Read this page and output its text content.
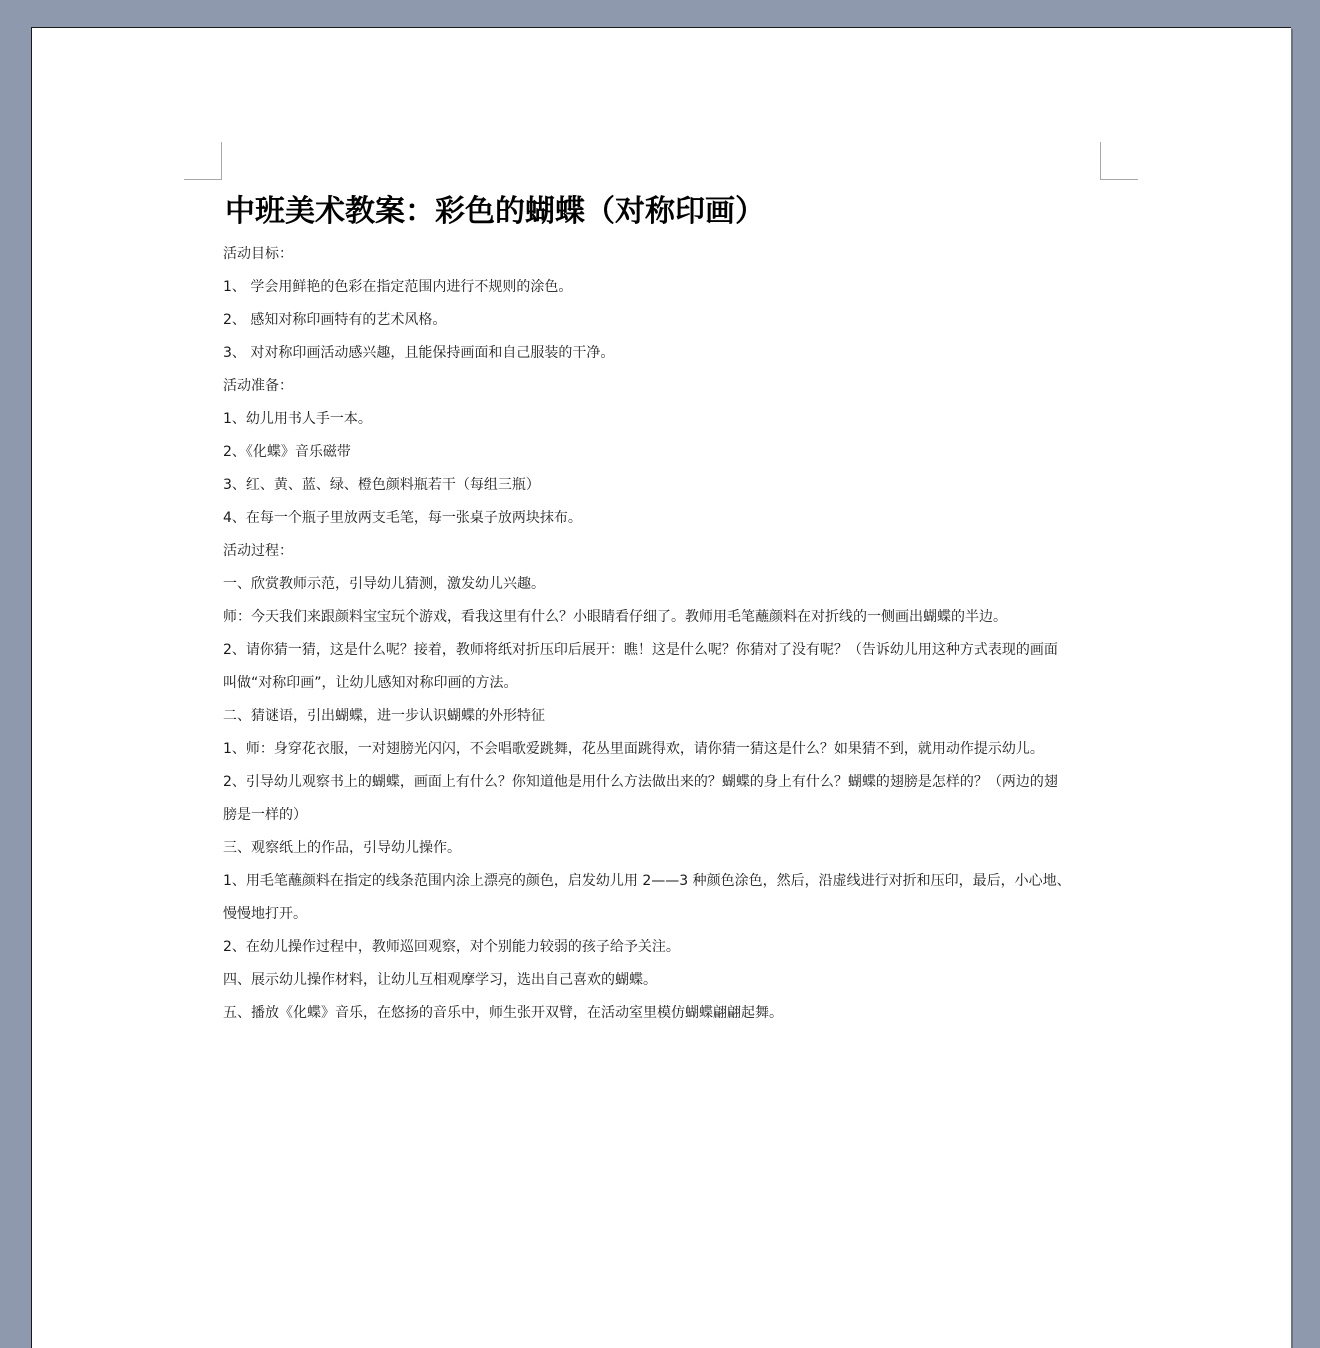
中班美术教案：彩色的蝴蝶（对称印画）
活动目标：
1、 学会用鲜艳的色彩在指定范围内进行不规则的涂色。
2、 感知对称印画特有的艺术风格。
3、 对对称印画活动感兴趣，且能保持画面和自己服装的干净。
活动准备：
1、幼儿用书人手一本。
2、《化蝶》音乐磁带
3、红、黄、蓝、绿、橙色颜料瓶若干（每组三瓶）
4、在每一个瓶子里放两支毛笔，每一张桌子放两块抹布。
活动过程：
一、欣赏教师示范，引导幼儿猜测，激发幼儿兴趣。
师：今天我们来跟颜料宝宝玩个游戏，看我这里有什么？小眼睛看仔细了。教师用毛笔蘸颜料在对折线的一侧画出蝴蝶的半边。
2、请你猜一猜，这是什么呢？接着，教师将纸对折压印后展开：瞧！这是什么呢？你猜对了没有呢？（告诉幼儿用这种方式表现的画面
叫做“对称印画”，让幼儿感知对称印画的方法。
二、猜谜语，引出蝴蝶，进一步认识蝴蝶的外形特征
1、师：身穿花衣服，一对翅膀光闪闪，不会唱歌爱跳舞，花丛里面跳得欢，请你猜一猜这是什么？如果猜不到，就用动作提示幼儿。
2、引导幼儿观察书上的蝴蝶，画面上有什么？你知道他是用什么方法做出来的？蝴蝶的身上有什么？蝴蝶的翅膀是怎样的？（两边的翅
膀是一样的）
三、观察纸上的作品，引导幼儿操作。
1、用毛笔蘸颜料在指定的线条范围内涂上漂亮的颜色，启发幼儿用 2——3 种颜色涂色，然后，沿虚线进行对折和压印，最后，小心地、
慢慢地打开。
2、在幼儿操作过程中，教师巡回观察，对个别能力较弱的孩子给予关注。
四、展示幼儿操作材料，让幼儿互相观摩学习，选出自己喜欢的蝴蝶。
五、播放《化蝶》音乐，在悠扬的音乐中，师生张开双臂，在活动室里模仿蝴蝶翩翩起舞。
